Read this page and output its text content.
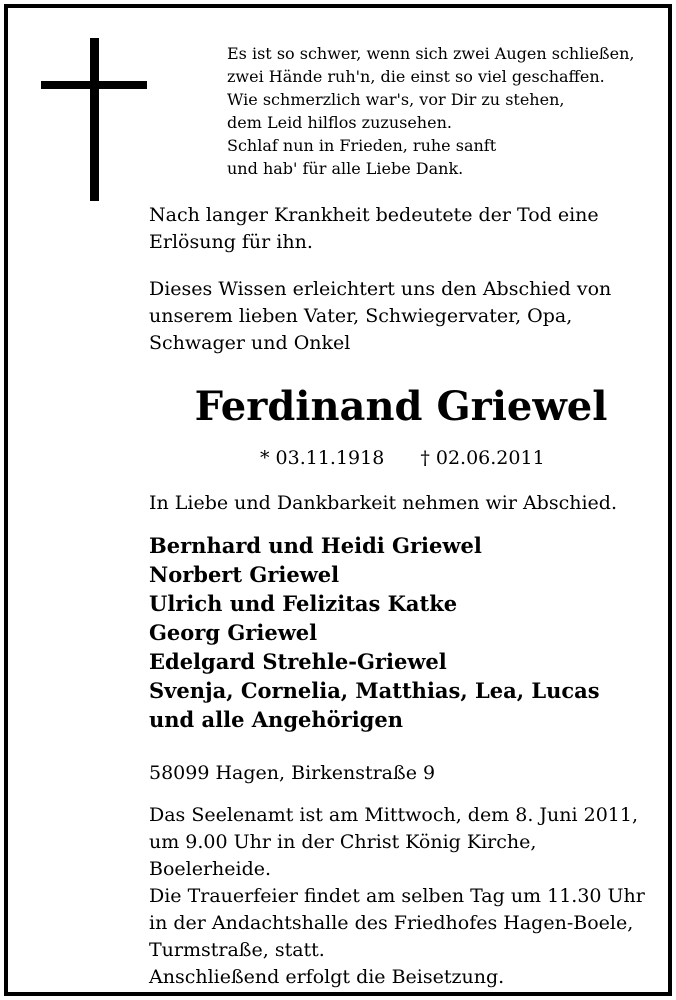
Es ist so schwer, wenn sich zwei Augen schließen,
zwei Hände ruh'n, die einst so viel geschaffen.
Wie schmerzlich war's, vor Dir zu stehen,
dem Leid hilflos zuzusehen.
Schlaf nun in Frieden, ruhe sanft
und hab' für alle Liebe Dank.
Nach langer Krankheit bedeutete der Tod eine
Erlösung für ihn.
Dieses Wissen erleichtert uns den Abschied von
unserem lieben Vater, Schwiegervater, Opa,
Schwager und Onkel
Ferdinand Griewel
* 03.11.1918 † 02.06.2011
In Liebe und Dankbarkeit nehmen wir Abschied.
Bernhard und Heidi Griewel
Norbert Griewel
Ulrich und Felizitas Katke
Georg Griewel
Edelgard Strehle-Griewel
Svenja, Cornelia, Matthias, Lea, Lucas
und alle Angehörigen
58099 Hagen, Birkenstraße 9
Das Seelenamt ist am Mittwoch, dem 8. Juni 2011,
um 9.00 Uhr in der Christ König Kirche,
Boelerheide.
Die Trauerfeier findet am selben Tag um 11.30 Uhr
in der Andachtshalle des Friedhofes Hagen-Boele,
Turmstraße, statt.
Anschließend erfolgt die Beisetzung.
